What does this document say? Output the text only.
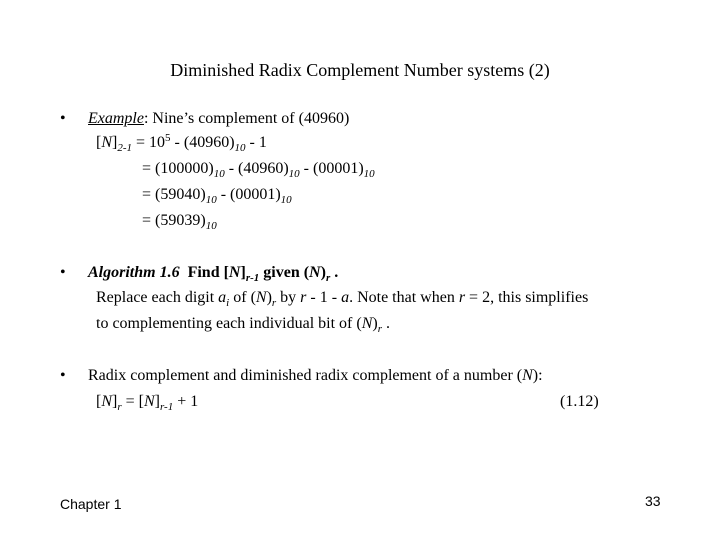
Diminished Radix Complement Number systems (2)
• Example: Nine’s complement of (40960)
$[N]_{2-1} = 10^5 - (40960)_{10} - 1$
= $(100000)_{10} - (40960)_{10} - (00001)_{10}$
= $(59040)_{10} - (00001)_{10}$
= $(59039)_{10}$
• Algorithm 1.6 Find $[N]_{r-1}$ given $(N)_r$ .
Replace each digit $a_i$ of $(N)_r$ by r - 1 - a. Note that when r = 2, this simplifies
to complementing each individual bit of $(N)_r$ .
• Radix complement and diminished radix complement of a number (N):
$[N]_r = [N]_{r-1} + 1$	(1.12)
Chapter 1	33
